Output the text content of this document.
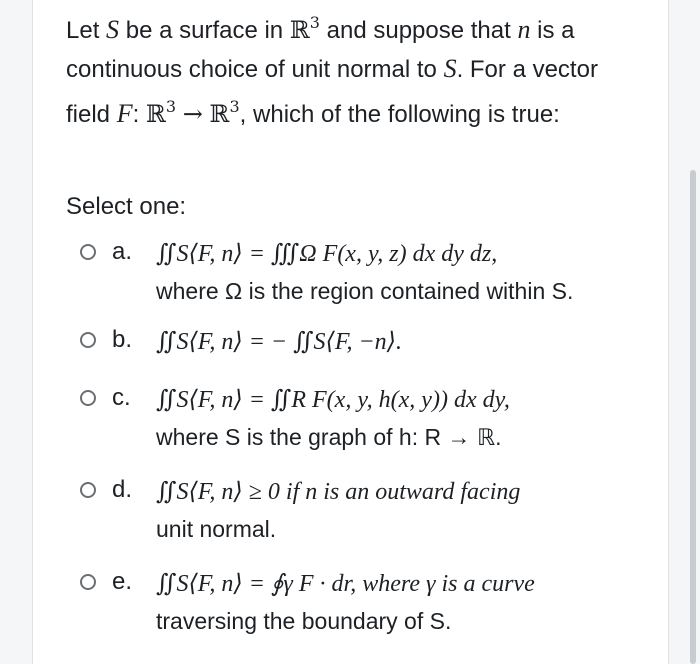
Let S be a surface in ℝ$^3$ and suppose that n is a continuous choice of unit normal to S. For a vector field F: ℝ$^3$ → ℝ$^3$, which of the following is true:
Select one:
a. ∬S⟨F, n⟩ = ∭Ω F(x, y, z) dx dy dz,
where Ω is the region contained within S.
b. ∬S⟨F, n⟩ = − ∬S⟨F, −n⟩.
c. ∬S⟨F, n⟩ = ∬R F(x, y, h(x, y)) dx dy,
where S is the graph of h: R → ℝ.
d. ∬S⟨F, n⟩ ≥ 0 if n is an outward facing
unit normal.
e. ∬S⟨F, n⟩ = ∮γ F · dr, where γ is a curve
traversing the boundary of S.
